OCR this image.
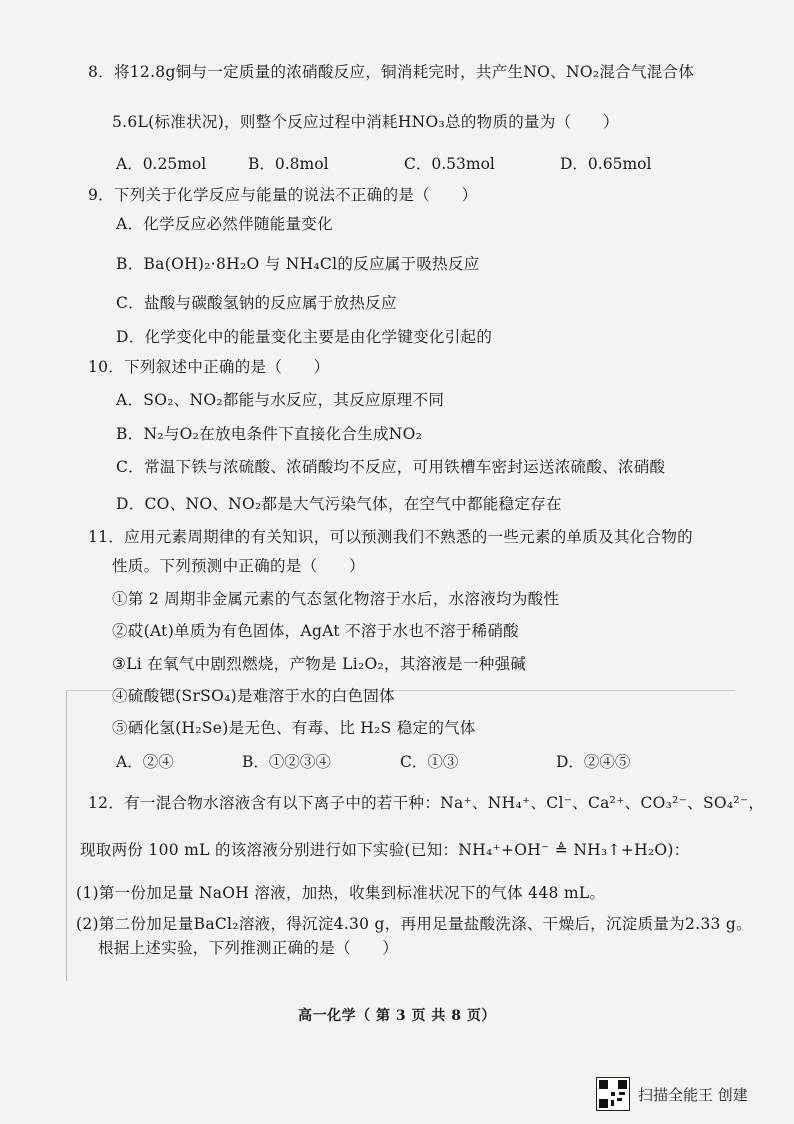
8．将12.8g铜与一定质量的浓硝酸反应，铜消耗完时，共产生NO、NO₂混合气混合体
5.6L(标准状况)，则整个反应过程中消耗HNO₃总的物质的量为（　　）
A．0.25mol	B．0.8mol	C．0.53mol	D．0.65mol
9．下列关于化学反应与能量的说法不正确的是（　　）
A．化学反应必然伴随能量变化
B．Ba(OH)₂·8H₂O 与 NH₄Cl的反应属于吸热反应
C．盐酸与碳酸氢钠的反应属于放热反应
D．化学变化中的能量变化主要是由化学键变化引起的
10．下列叙述中正确的是（　　）
A．SO₂、NO₂都能与水反应，其反应原理不同
B．N₂与O₂在放电条件下直接化合生成NO₂
C．常温下铁与浓硫酸、浓硝酸均不反应，可用铁槽车密封运送浓硫酸、浓硝酸
D．CO、NO、NO₂都是大气污染气体，在空气中都能稳定存在
11．应用元素周期律的有关知识，可以预测我们不熟悉的一些元素的单质及其化合物的
性质。下列预测中正确的是（　　）
①第 2 周期非金属元素的气态氢化物溶于水后，水溶液均为酸性
②砹(At)单质为有色固体，AgAt 不溶于水也不溶于稀硝酸
③Li 在氧气中剧烈燃烧，产物是 Li₂O₂，其溶液是一种强碱
④硫酸锶(SrSO₄)是难溶于水的白色固体
⑤硒化氢(H₂Se)是无色、有毒、比 H₂S 稳定的气体
A．②④	B．①②③④	C．①③	D．②④⑤
12．有一混合物水溶液含有以下离子中的若干种：Na⁺、NH₄⁺、Cl⁻、Ca²⁺、CO₃²⁻、SO₄²⁻，
现取两份 100 mL 的该溶液分别进行如下实验(已知：NH₄⁺+OH⁻ ≜ NH₃↑+H₂O)：
(1)第一份加足量 NaOH 溶液，加热，收集到标准状况下的气体 448 mL。
(2)第二份加足量BaCl₂溶液，得沉淀4.30 g，再用足量盐酸洗涤、干燥后，沉淀质量为2.33 g。
根据上述实验，下列推测正确的是（　　）
高一化学（ 第 3 页 共 8 页）
扫描全能王 创建
